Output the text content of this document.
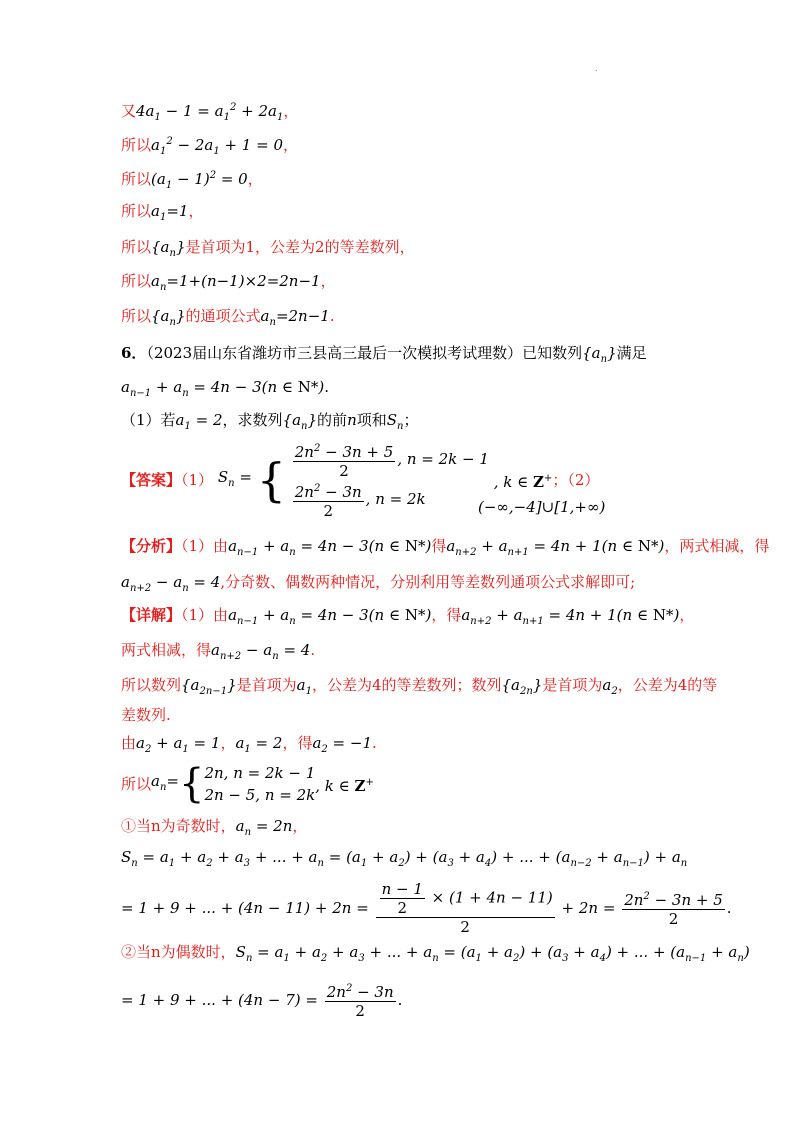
.
又$4a_1 - 1 = a_1^2 + 2a_1$，
所以$a_1^2 - 2a_1 + 1 = 0$，
所以$(a_1 - 1)^2 = 0$，
所以$a_1=1$，
所以$\{a_n\}$是首项为1，公差为2的等差数列，
所以$a_n=1+(n-1)\times 2=2n-1$，
所以$\{a_n\}$的通项公式$a_n=2n-1$.
6．（2023届山东省潍坊市三县高三最后一次模拟考试理数）已知数列$\{a_n\}$满足
$a_{n-1} + a_n = 4n - 3(n$ ∈ N*).
（1）若$a_1 = 2$，求数列$\{a_n\}$的前n项和$S_n$；
【答案】（1） $S_n$ = { $\frac{2n^2 - 3n + 5}{2}$ , n = 2k − 1
$\frac{2n^2 - 3n}{2}$ , n = 2k
, k ∈ Z+；（2）
(−∞,−4]∪[1,+∞)
【分析】（1）由$a_{n-1} + a_n = 4n - 3(n$ ∈ N*)得$a_{n+2} + a_{n+1} = 4n + 1(n$ ∈ N*)，两式相减，得
$a_{n+2} - a_n = 4$,分奇数、偶数两种情况，分别利用等差数列通项公式求解即可;
【详解】（1）由$a_{n-1} + a_n = 4n - 3(n$ ∈ N*)，得$a_{n+2} + a_{n+1} = 4n + 1(n$ ∈ N*)，
两式相减，得$a_{n+2} - a_n = 4$.
所以数列$\{a_{2n-1}\}$是首项为$a_1$，公差为4的等差数列；数列$\{a_{2n}\}$是首项为$a_2$，公差为4的等
差数列.
由$a_2 + a_1 = 1$，$a_1 = 2$，得$a_2 = -1$.
所以$a_n=${ 2n, n = 2k − 1
2n − 5, n = 2k
, k ∈ Z+
①当n为奇数时，$a_n = 2n$，
$S_n = a_1 + a_2 + a_3$ + ... + $a_n = (a_1 + a_2) + (a_3 + a_4)$ + ... + $(a_{n-2} + a_{n-1}) + a_n$
= 1 + 9 + ... + $(4n - 11) + 2n = \frac{\frac{n - 1}{2} \times (1 + 4n - 11)}{2} + 2n = \frac{2n^2 - 3n + 5}{2}$ .
②当n为偶数时，$S_n = a_1 + a_2 + a_3$ + ... + $a_n = (a_1 + a_2) + (a_3 + a_4)$ + ... + $(a_{n-1} + a_n)$
= 1 + 9 + ... + $(4n - 7) = \frac{2n^2 - 3n}{2}$ .
